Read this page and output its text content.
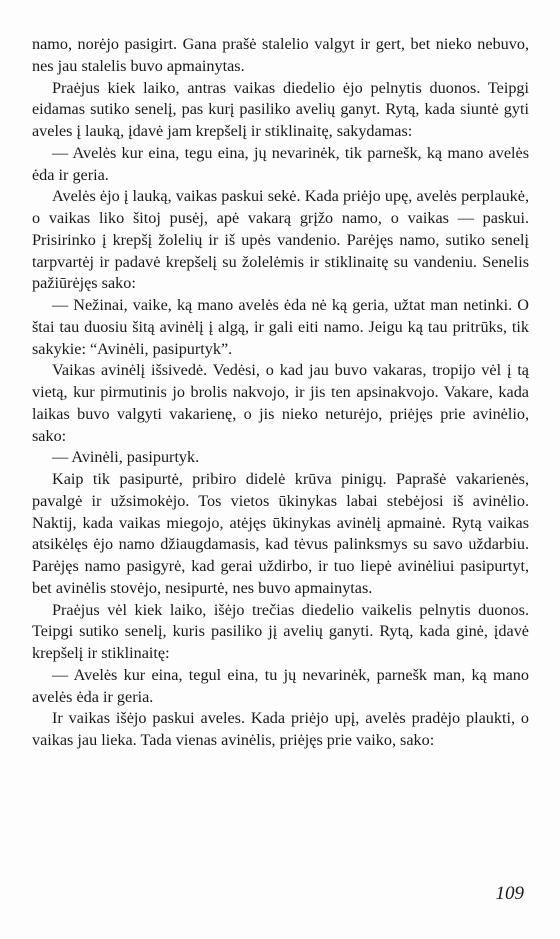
namo, norėjo pasigirt. Gana prašė stalelio valgyt ir gert, bet nieko nebuvo, nes jau stalelis buvo apmainytas.

Praėjus kiek laiko, antras vaikas diedelio ėjo pelnytis duonos. Teipgi eidamas sutiko senelį, pas kurį pasiliko avelių ganyt. Rytą, kada siuntė gyti aveles į lauką, įdavė jam krepšelį ir stiklinaitę, sakydamas:

— Avelės kur eina, tegu eina, jų nevarinėk, tik parnešk, ką mano avelės ėda ir geria.

Avelės ėjo į lauką, vaikas paskui sekė. Kada priėjo upę, avelės perplaukė, o vaikas liko šitoj pusėj, apė vakarą grįžo namo, o vaikas — paskui. Prisirinko į krepšį žolelių ir iš upės vandenio. Parėjęs namo, sutiko senelį tarpvartėj ir padavė krepšelį su žolelėmis ir stiklinaitę su vandeniu. Senelis pažiūrėjęs sako:

— Nežinai, vaike, ką mano avelės ėda nė ką geria, užtat man netinki. O štai tau duosiu šitą avinėlį į algą, ir gali eiti namo. Jeigu ką tau pritrūks, tik sakykie: “Avinėli, pasipurtyk”.

Vaikas avinėlį išsivedė. Vedėsi, o kad jau buvo vakaras, tropijo vėl į tą vietą, kur pirmutinis jo brolis nakvojo, ir jis ten apsinakvojo. Vakare, kada laikas buvo valgyti vakarienę, o jis nieko neturėjo, priėjęs prie avinėlio, sako:

— Avinėli, pasipurtyk.

Kaip tik pasipurtė, pribiro didelė krūva pinigų. Paprašė vakarienės, pavalgė ir užsimokėjo. Tos vietos ūkinykas labai stebėjosi iš avinėlio. Naktij, kada vaikas miegojo, atėjęs ūkinykas avinėlį apmainė. Rytą vaikas atsikėlęs ėjo namo džiaugdamasis, kad tėvus palinksmys su savo uždarbiu. Parėjęs namo pasigyrė, kad gerai uždirbo, ir tuo liepė avinėliui pasipurtyt, bet avinėlis stovėjo, nesipurtė, nes buvo apmainytas.

Praėjus vėl kiek laiko, išėjo trečias diedelio vaikelis pelnytis duonos. Teipgi sutiko senelį, kuris pasiliko jį avelių ganyti. Rytą, kada ginė, įdavė krepšelį ir stiklinaitę:

— Avelės kur eina, tegul eina, tu jų nevarinėk, parnešk man, ką mano avelės ėda ir geria.

Ir vaikas išėjo paskui aveles. Kada priėjo upį, avelės pradėjo plaukti, o vaikas jau lieka. Tada vienas avinėlis, priėjęs prie vaiko, sako:

109
